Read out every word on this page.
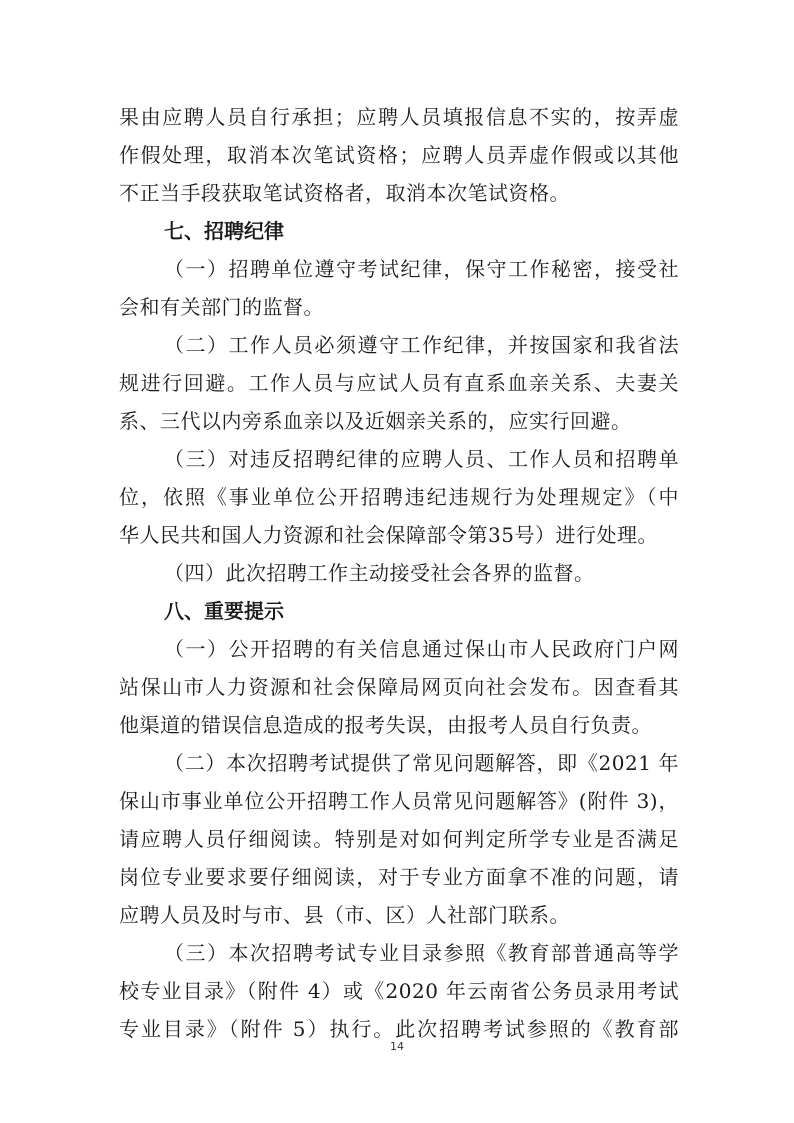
果由应聘人员自行承担；应聘人员填报信息不实的，按弄虚
作假处理，取消本次笔试资格；应聘人员弄虚作假或以其他
不正当手段获取笔试资格者，取消本次笔试资格。
七、招聘纪律
（一）招聘单位遵守考试纪律，保守工作秘密，接受社
会和有关部门的监督。
（二）工作人员必须遵守工作纪律，并按国家和我省法
规进行回避。工作人员与应试人员有直系血亲关系、夫妻关
系、三代以内旁系血亲以及近姻亲关系的，应实行回避。
（三）对违反招聘纪律的应聘人员、工作人员和招聘单
位，依照《事业单位公开招聘违纪违规行为处理规定》（中
华人民共和国人力资源和社会保障部令第35号）进行处理。
（四）此次招聘工作主动接受社会各界的监督。
八、重要提示
（一）公开招聘的有关信息通过保山市人民政府门户网
站保山市人力资源和社会保障局网页向社会发布。因查看其
他渠道的错误信息造成的报考失误，由报考人员自行负责。
（二）本次招聘考试提供了常见问题解答，即《2021 年
保山市事业单位公开招聘工作人员常见问题解答》(附件 3)，
请应聘人员仔细阅读。特别是对如何判定所学专业是否满足
岗位专业要求要仔细阅读，对于专业方面拿不准的问题，请
应聘人员及时与市、县（市、区）人社部门联系。
（三）本次招聘考试专业目录参照《教育部普通高等学
校专业目录》（附件 4）或《2020 年云南省公务员录用考试
专业目录》（附件 5）执行。此次招聘考试参照的《教育部
14
